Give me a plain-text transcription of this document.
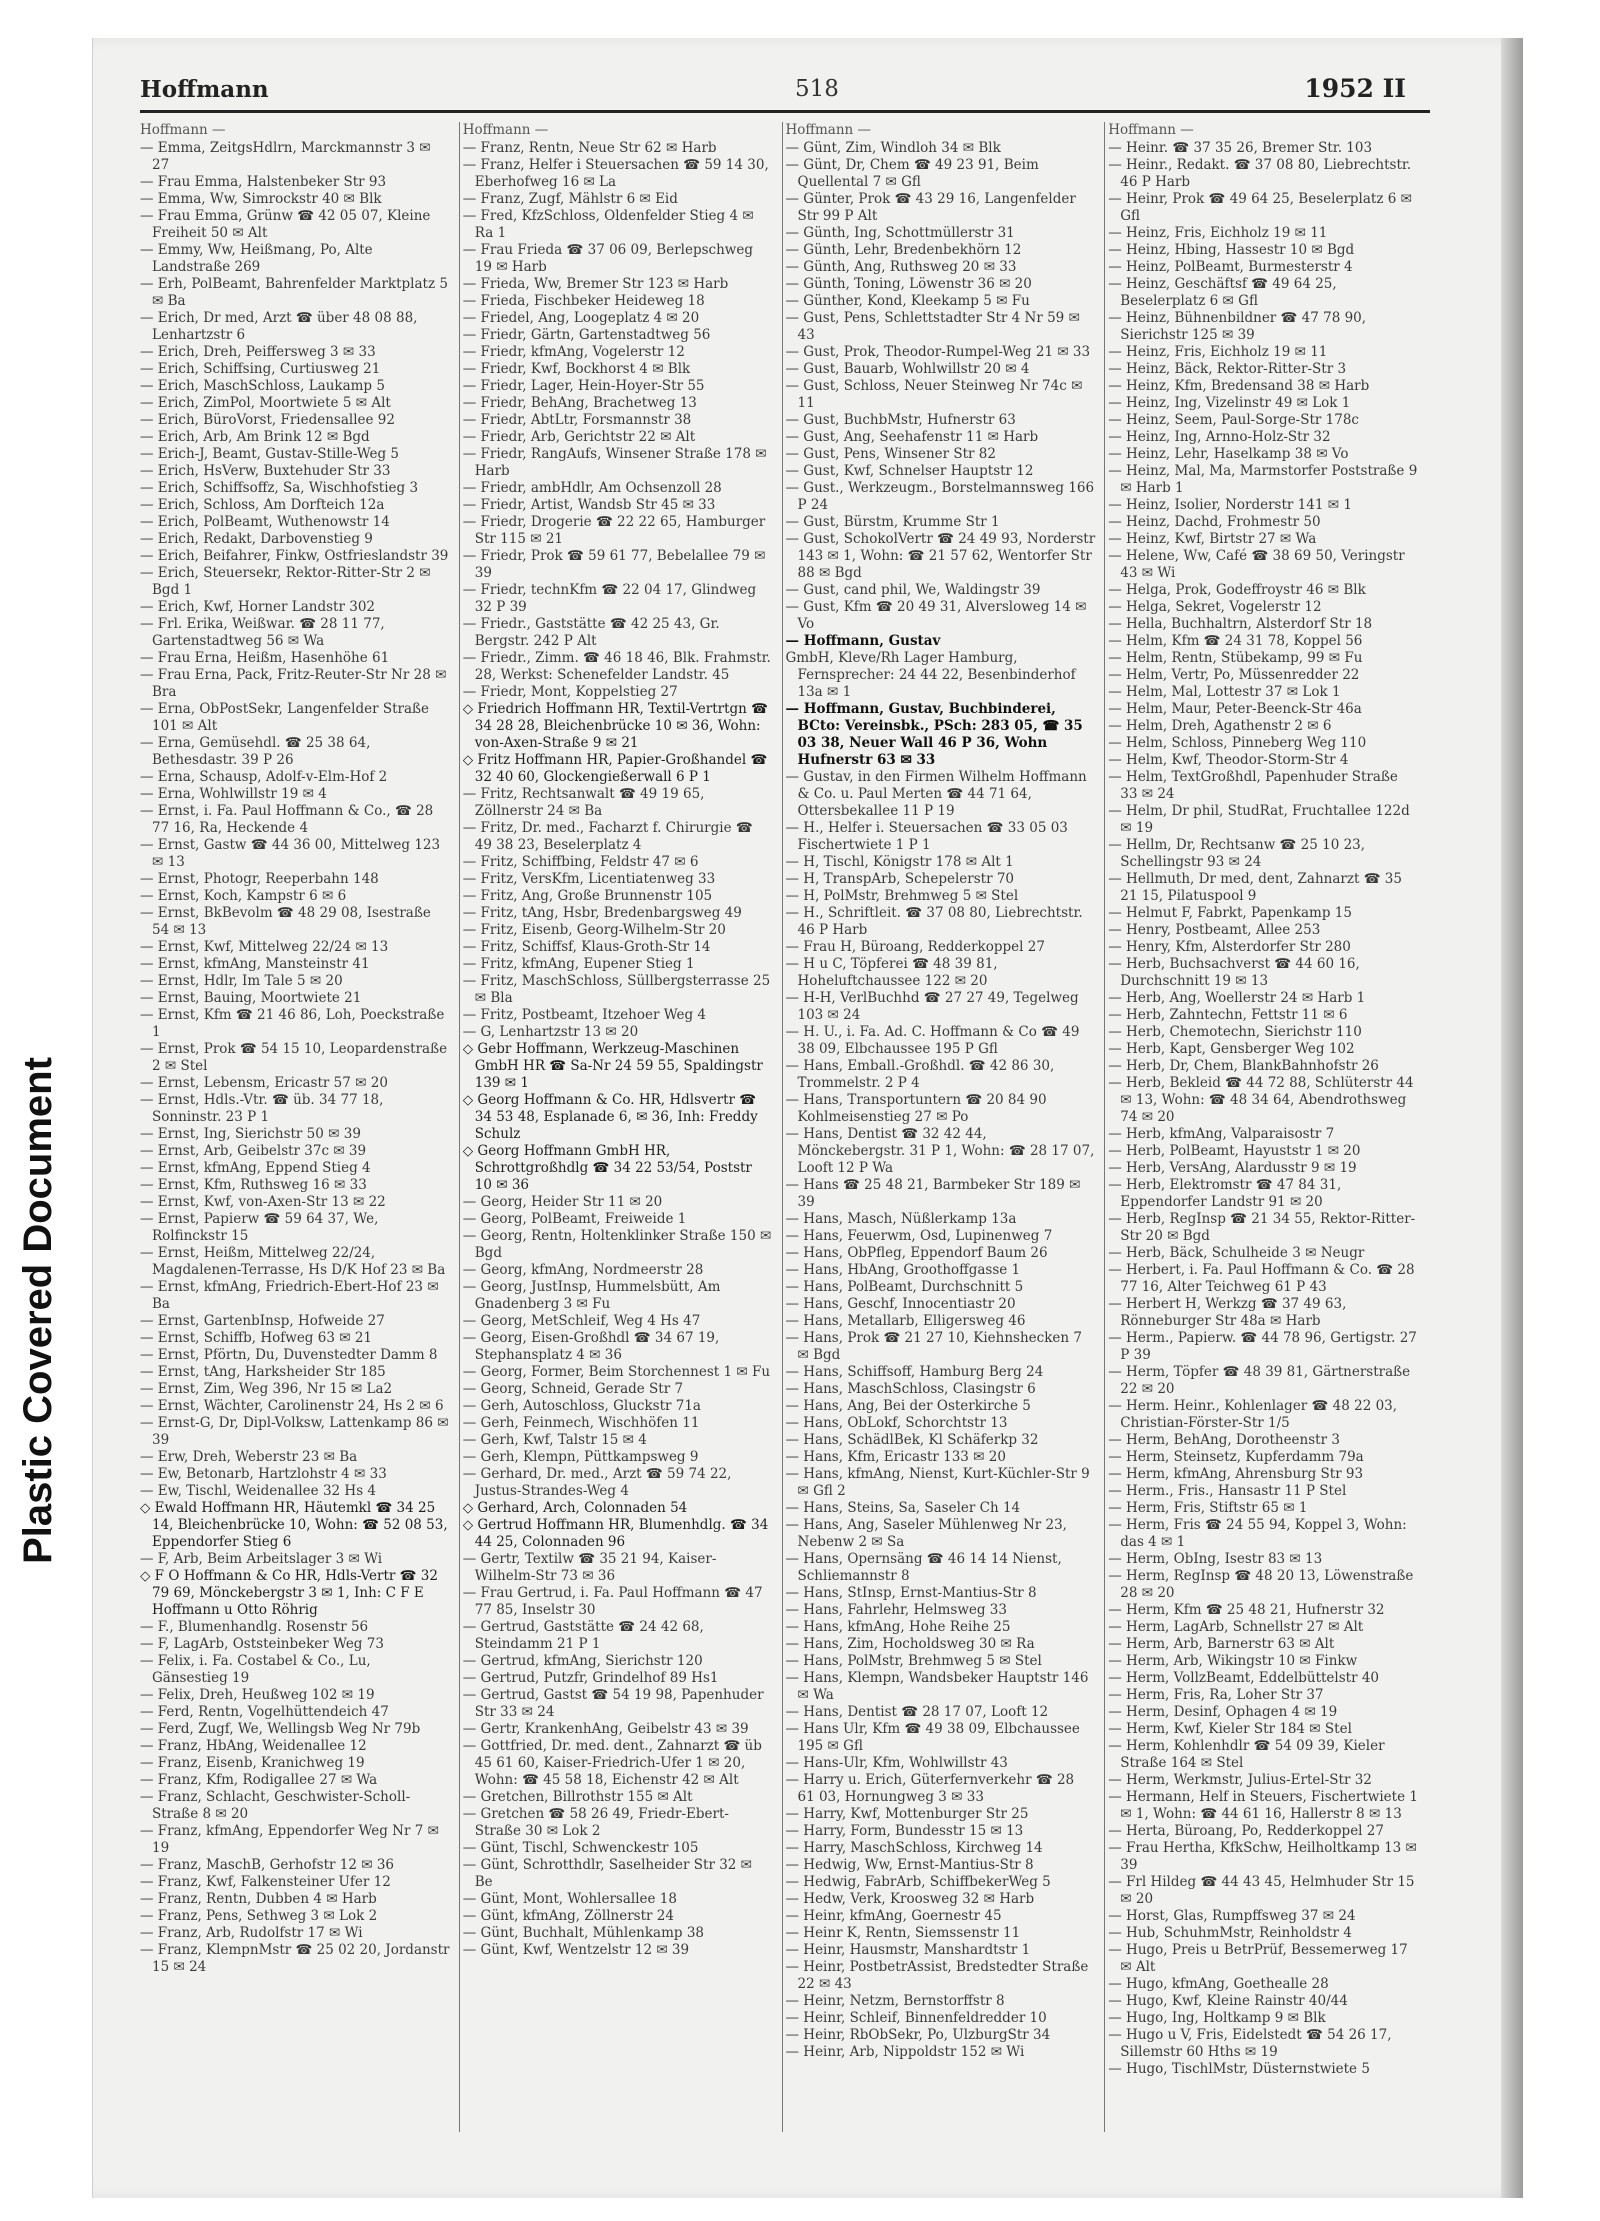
Plastic Covered Document
Hoffmann	518	1952 II
Hoffmann —
— Emma, ZeitgsHdlrn, Marckmannstr 3 ✉ 27
— Frau Emma, Halstenbeker Str 93
— Emma, Ww, Simrockstr 40 ✉ Blk
— Frau Emma, Grünw ☎ 42 05 07, Kleine Freiheit 50 ✉ Alt
— Emmy, Ww, Heißmang, Po, Alte Landstraße 269
— Erh, PolBeamt, Bahrenfelder Marktplatz 5 ✉ Ba
— Erich, Dr med, Arzt ☎ über 48 08 88, Lenhartzstr 6
— Erich, Dreh, Peiffersweg 3 ✉ 33
— Erich, Schiffsing, Curtiusweg 21
— Erich, MaschSchloss, Laukamp 5
— Erich, ZimPol, Moortwiete 5 ✉ Alt
— Erich, BüroVorst, Friedensallee 92
— Erich, Arb, Am Brink 12 ✉ Bgd
— Erich-J, Beamt, Gustav-Stille-Weg 5
— Erich, HsVerw, Buxtehuder Str 33
— Erich, Schiffsoffz, Sa, Wischhofstieg 3
— Erich, Schloss, Am Dorfteich 12a
— Erich, PolBeamt, Wuthenowstr 14
— Erich, Redakt, Darbovenstieg 9
— Erich, Beifahrer, Finkw, Ostfrieslandstr 39
— Erich, Steuersekr, Rektor-Ritter-Str 2 ✉ Bgd 1
— Erich, Kwf, Horner Landstr 302
— Frl. Erika, Weißwar. ☎ 28 11 77, Gartenstadtweg 56 ✉ Wa
— Frau Erna, Heißm, Hasenhöhe 61
— Frau Erna, Pack, Fritz-Reuter-Str Nr 28 ✉ Bra
— Erna, ObPostSekr, Langenfelder Straße 101 ✉ Alt
— Erna, Gemüsehdl. ☎ 25 38 64, Bethesdastr. 39 P 26
— Erna, Schausp, Adolf-v-Elm-Hof 2
— Erna, Wohlwillstr 19 ✉ 4
— Ernst, i. Fa. Paul Hoffmann & Co., ☎ 28 77 16, Ra, Heckende 4
— Ernst, Gastw ☎ 44 36 00, Mittelweg 123 ✉ 13
— Ernst, Photogr, Reeperbahn 148
— Ernst, Koch, Kampstr 6 ✉ 6
— Ernst, BkBevolm ☎ 48 29 08, Isestraße 54 ✉ 13
— Ernst, Kwf, Mittelweg 22/24 ✉ 13
— Ernst, kfmAng, Mansteinstr 41
— Ernst, Hdlr, Im Tale 5 ✉ 20
— Ernst, Bauing, Moortwiete 21
— Ernst, Kfm ☎ 21 46 86, Loh, Poeckstraße 1
— Ernst, Prok ☎ 54 15 10, Leopardenstraße 2 ✉ Stel
— Ernst, Lebensm, Ericastr 57 ✉ 20
— Ernst, Hdls.-Vtr. ☎ üb. 34 77 18, Sonninstr. 23 P 1
— Ernst, Ing, Sierichstr 50 ✉ 39
— Ernst, Arb, Geibelstr 37c ✉ 39
— Ernst, kfmAng, Eppend Stieg 4
— Ernst, Kfm, Ruthsweg 16 ✉ 33
— Ernst, Kwf, von-Axen-Str 13 ✉ 22
— Ernst, Papierw ☎ 59 64 37, We, Rolfinckstr 15
— Ernst, Heißm, Mittelweg 22/24, Magdalenen-Terrasse, Hs D/K Hof 23 ✉ Ba
— Ernst, kfmAng, Friedrich-Ebert-Hof 23 ✉ Ba
— Ernst, GartenbInsp, Hofweide 27
— Ernst, Schiffb, Hofweg 63 ✉ 21
— Ernst, Pförtn, Du, Duvenstedter Damm 8
— Ernst, tAng, Harksheider Str 185
— Ernst, Zim, Weg 396, Nr 15 ✉ La2
— Ernst, Wächter, Carolinenstr 24, Hs 2 ✉ 6
— Ernst-G, Dr, Dipl-Volksw, Lattenkamp 86 ✉ 39
— Erw, Dreh, Weberstr 23 ✉ Ba
— Ew, Betonarb, Hartzlohstr 4 ✉ 33
— Ew, Tischl, Weidenallee 32 Hs 4
◇ Ewald Hoffmann HR, Häutemkl ☎ 34 25 14, Bleichenbrücke 10, Wohn: ☎ 52 08 53, Eppendorfer Stieg 6
— F, Arb, Beim Arbeitslager 3 ✉ Wi
◇ F O Hoffmann & Co HR, Hdls-Vertr ☎ 32 79 69, Mönckebergstr 3 ✉ 1, Inh: C F E Hoffmann u Otto Röhrig
— F., Blumenhandlg. Rosenstr 56
— F, LagArb, Oststeinbeker Weg 73
— Felix, i. Fa. Costabel & Co., Lu, Gänsestieg 19
— Felix, Dreh, Heußweg 102 ✉ 19
— Ferd, Rentn, Vogelhüttendeich 47
— Ferd, Zugf, We, Wellingsb Weg Nr 79b
— Franz, HbAng, Weidenallee 12
— Franz, Eisenb, Kranichweg 19
— Franz, Kfm, Rodigallee 27 ✉ Wa
— Franz, Schlacht, Geschwister-Scholl-Straße 8 ✉ 20
— Franz, kfmAng, Eppendorfer Weg Nr 7 ✉ 19
— Franz, MaschB, Gerhofstr 12 ✉ 36
— Franz, Kwf, Falkensteiner Ufer 12
— Franz, Rentn, Dubben 4 ✉ Harb
— Franz, Pens, Sethweg 3 ✉ Lok 2
— Franz, Arb, Rudolfstr 17 ✉ Wi
— Franz, KlempnMstr ☎ 25 02 20, Jordanstr 15 ✉ 24
Hoffmann —
— Franz, Rentn, Neue Str 62 ✉ Harb
— Franz, Helfer i Steuersachen ☎ 59 14 30, Eberhofweg 16 ✉ La
— Franz, Zugf, Mählstr 6 ✉ Eid
— Fred, KfzSchloss, Oldenfelder Stieg 4 ✉ Ra 1
— Frau Frieda ☎ 37 06 09, Berlepschweg 19 ✉ Harb
— Frieda, Ww, Bremer Str 123 ✉ Harb
— Frieda, Fischbeker Heideweg 18
— Friedel, Ang, Loogeplatz 4 ✉ 20
— Friedr, Gärtn, Gartenstadtweg 56
— Friedr, kfmAng, Vogelerstr 12
— Friedr, Kwf, Bockhorst 4 ✉ Blk
— Friedr, Lager, Hein-Hoyer-Str 55
— Friedr, BehAng, Brachetweg 13
— Friedr, AbtLtr, Forsmannstr 38
— Friedr, Arb, Gerichtstr 22 ✉ Alt
— Friedr, RangAufs, Winsener Straße 178 ✉ Harb
— Friedr, ambHdlr, Am Ochsenzoll 28
— Friedr, Artist, Wandsb Str 45 ✉ 33
— Friedr, Drogerie ☎ 22 22 65, Hamburger Str 115 ✉ 21
— Friedr, Prok ☎ 59 61 77, Bebelallee 79 ✉ 39
— Friedr, technKfm ☎ 22 04 17, Glindweg 32 P 39
— Friedr., Gaststätte ☎ 42 25 43, Gr. Bergstr. 242 P Alt
— Friedr., Zimm. ☎ 46 18 46, Blk. Frahmstr. 28, Werkst: Schenefelder Landstr. 45
— Friedr, Mont, Koppelstieg 27
◇ Friedrich Hoffmann HR, Textil-Vertrtgn ☎ 34 28 28, Bleichenbrücke 10 ✉ 36, Wohn: von-Axen-Straße 9 ✉ 21
◇ Fritz Hoffmann HR, Papier-Großhandel ☎ 32 40 60, Glockengießerwall 6 P 1
— Fritz, Rechtsanwalt ☎ 49 19 65, Zöllnerstr 24 ✉ Ba
— Fritz, Dr. med., Facharzt f. Chirurgie ☎ 49 38 23, Beselerplatz 4
— Fritz, Schiffbing, Feldstr 47 ✉ 6
— Fritz, VersKfm, Licentiatenweg 33
— Fritz, Ang, Große Brunnenstr 105
— Fritz, tAng, Hsbr, Bredenbargsweg 49
— Fritz, Eisenb, Georg-Wilhelm-Str 20
— Fritz, Schiffsf, Klaus-Groth-Str 14
— Fritz, kfmAng, Eupener Stieg 1
— Fritz, MaschSchloss, Süllbergsterrasse 25 ✉ Bla
— Fritz, Postbeamt, Itzehoer Weg 4
— G, Lenhartzstr 13 ✉ 20
◇ Gebr Hoffmann, Werkzeug-Maschinen GmbH HR ☎ Sa-Nr 24 59 55, Spaldingstr 139 ✉ 1
◇ Georg Hoffmann & Co. HR, Hdlsvertr ☎ 34 53 48, Esplanade 6, ✉ 36, Inh: Freddy Schulz
◇ Georg Hoffmann GmbH HR, Schrottgroßhdlg ☎ 34 22 53/54, Poststr 10 ✉ 36
— Georg, Heider Str 11 ✉ 20
— Georg, PolBeamt, Freiweide 1
— Georg, Rentn, Holtenklinker Straße 150 ✉ Bgd
— Georg, kfmAng, Nordmeerstr 28
— Georg, JustInsp, Hummelsbütt, Am Gnadenberg 3 ✉ Fu
— Georg, MetSchleif, Weg 4 Hs 47
— Georg, Eisen-Großhdl ☎ 34 67 19, Stephansplatz 4 ✉ 36
— Georg, Former, Beim Storchennest 1 ✉ Fu
— Georg, Schneid, Gerade Str 7
— Gerh, Autoschloss, Gluckstr 71a
— Gerh, Feinmech, Wischhöfen 11
— Gerh, Kwf, Talstr 15 ✉ 4
— Gerh, Klempn, Püttkampsweg 9
— Gerhard, Dr. med., Arzt ☎ 59 74 22, Justus-Strandes-Weg 4
◇ Gerhard, Arch, Colonnaden 54
◇ Gertrud Hoffmann HR, Blumenhdlg. ☎ 34 44 25, Colonnaden 96
— Gertr, Textilw ☎ 35 21 94, Kaiser-Wilhelm-Str 73 ✉ 36
— Frau Gertrud, i. Fa. Paul Hoffmann ☎ 47 77 85, Inselstr 30
— Gertrud, Gaststätte ☎ 24 42 68, Steindamm 21 P 1
— Gertrud, kfmAng, Sierichstr 120
— Gertrud, Putzfr, Grindelhof 89 Hs1
— Gertrud, Gastst ☎ 54 19 98, Papenhuder Str 33 ✉ 24
— Gertr, KrankenhAng, Geibelstr 43 ✉ 39
— Gottfried, Dr. med. dent., Zahnarzt ☎ üb 45 61 60, Kaiser-Friedrich-Ufer 1 ✉ 20, Wohn: ☎ 45 58 18, Eichenstr 42 ✉ Alt
— Gretchen, Billrothstr 155 ✉ Alt
— Gretchen ☎ 58 26 49, Friedr-Ebert-Straße 30 ✉ Lok 2
— Günt, Tischl, Schwenckestr 105
— Günt, Schrotthdlr, Saselheider Str 32 ✉ Be
— Günt, Mont, Wohlersallee 18
— Günt, kfmAng, Zöllnerstr 24
— Günt, Buchhalt, Mühlenkamp 38
— Günt, Kwf, Wentzelstr 12 ✉ 39
Hoffmann —
— Günt, Zim, Windloh 34 ✉ Blk
— Günt, Dr, Chem ☎ 49 23 91, Beim Quellental 7 ✉ Gfl
— Günter, Prok ☎ 43 29 16, Langenfelder Str 99 P Alt
— Günth, Ing, Schottmüllerstr 31
— Günth, Lehr, Bredenbekhörn 12
— Günth, Ang, Ruthsweg 20 ✉ 33
— Günth, Toning, Löwenstr 36 ✉ 20
— Günther, Kond, Kleekamp 5 ✉ Fu
— Gust, Pens, Schlettstadter Str 4 Nr 59 ✉ 43
— Gust, Prok, Theodor-Rumpel-Weg 21 ✉ 33
— Gust, Bauarb, Wohlwillstr 20 ✉ 4
— Gust, Schloss, Neuer Steinweg Nr 74c ✉ 11
— Gust, BuchbMstr, Hufnerstr 63
— Gust, Ang, Seehafenstr 11 ✉ Harb
— Gust, Pens, Winsener Str 82
— Gust, Kwf, Schnelser Hauptstr 12
— Gust., Werkzeugm., Borstelmannsweg 166 P 24
— Gust, Bürstm, Krumme Str 1
— Gust, SchokolVertr ☎ 24 49 93, Norderstr 143 ✉ 1, Wohn: ☎ 21 57 62, Wentorfer Str 88 ✉ Bgd
— Gust, cand phil, We, Waldingstr 39
— Gust, Kfm ☎ 20 49 31, Alversloweg 14 ✉ Vo
— Hoffmann, Gustav
GmbH, Kleve/Rh Lager Hamburg, Fernsprecher: 24 44 22, Besenbinderhof 13a ✉ 1
— Hoffmann, Gustav, Buchbinderei, BCto: Vereinsbk., PSch: 283 05, ☎ 35 03 38, Neuer Wall 46 P 36, Wohn Hufnerstr 63 ✉ 33
— Gustav, in den Firmen Wilhelm Hoffmann & Co. u. Paul Merten ☎ 44 71 64, Ottersbekallee 11 P 19
— H., Helfer i. Steuersachen ☎ 33 05 03 Fischertwiete 1 P 1
— H, Tischl, Königstr 178 ✉ Alt 1
— H, TranspArb, Schepelerstr 70
— H, PolMstr, Brehmweg 5 ✉ Stel
— H., Schriftleit. ☎ 37 08 80, Liebrechtstr. 46 P Harb
— Frau H, Büroang, Redderkoppel 27
— H u C, Töpferei ☎ 48 39 81, Hoheluftchaussee 122 ✉ 20
— H-H, VerlBuchhd ☎ 27 27 49, Tegelweg 103 ✉ 24
— H. U., i. Fa. Ad. C. Hoffmann & Co ☎ 49 38 09, Elbchaussee 195 P Gfl
— Hans, Emball.-Großhdl. ☎ 42 86 30, Trommelstr. 2 P 4
— Hans, Transportuntern ☎ 20 84 90 Kohlmeisenstieg 27 ✉ Po
— Hans, Dentist ☎ 32 42 44, Mönckebergstr. 31 P 1, Wohn: ☎ 28 17 07, Looft 12 P Wa
— Hans ☎ 25 48 21, Barmbeker Str 189 ✉ 39
— Hans, Masch, Nüßlerkamp 13a
— Hans, Feuerwm, Osd, Lupinenweg 7
— Hans, ObPfleg, Eppendorf Baum 26
— Hans, HbAng, Groothoffgasse 1
— Hans, PolBeamt, Durchschnitt 5
— Hans, Geschf, Innocentiastr 20
— Hans, Metallarb, Elligersweg 46
— Hans, Prok ☎ 21 27 10, Kiehnshecken 7 ✉ Bgd
— Hans, Schiffsoff, Hamburg Berg 24
— Hans, MaschSchloss, Clasingstr 6
— Hans, Ang, Bei der Osterkirche 5
— Hans, ObLokf, Schorchtstr 13
— Hans, SchädlBek, Kl Schäferkp 32
— Hans, Kfm, Ericastr 133 ✉ 20
— Hans, kfmAng, Nienst, Kurt-Küchler-Str 9 ✉ Gfl 2
— Hans, Steins, Sa, Saseler Ch 14
— Hans, Ang, Saseler Mühlenweg Nr 23, Nebenw 2 ✉ Sa
— Hans, Opernsäng ☎ 46 14 14 Nienst, Schliemannstr 8
— Hans, StInsp, Ernst-Mantius-Str 8
— Hans, Fahrlehr, Helmsweg 33
— Hans, kfmAng, Hohe Reihe 25
— Hans, Zim, Hocholdsweg 30 ✉ Ra
— Hans, PolMstr, Brehmweg 5 ✉ Stel
— Hans, Klempn, Wandsbeker Hauptstr 146 ✉ Wa
— Hans, Dentist ☎ 28 17 07, Looft 12
— Hans Ulr, Kfm ☎ 49 38 09, Elbchaussee 195 ✉ Gfl
— Hans-Ulr, Kfm, Wohlwillstr 43
— Harry u. Erich, Güterfernverkehr ☎ 28 61 03, Hornungweg 3 ✉ 33
— Harry, Kwf, Mottenburger Str 25
— Harry, Form, Bundesstr 15 ✉ 13
— Harry, MaschSchloss, Kirchweg 14
— Hedwig, Ww, Ernst-Mantius-Str 8
— Hedwig, FabrArb, SchiffbekerWeg 5
— Hedw, Verk, Kroosweg 32 ✉ Harb
— Heinr, kfmAng, Goernestr 45
— Heinr K, Rentn, Siemssenstr 11
— Heinr, Hausmstr, Manshardtstr 1
— Heinr, PostbetrAssist, Bredstedter Straße 22 ✉ 43
— Heinr, Netzm, Bernstorffstr 8
— Heinr, Schleif, Binnenfeldredder 10
— Heinr, RbObSekr, Po, UlzburgStr 34
— Heinr, Arb, Nippoldstr 152 ✉ Wi
Hoffmann —
— Heinr. ☎ 37 35 26, Bremer Str. 103
— Heinr., Redakt. ☎ 37 08 80, Liebrechtstr. 46 P Harb
— Heinr, Prok ☎ 49 64 25, Beselerplatz 6 ✉ Gfl
— Heinz, Fris, Eichholz 19 ✉ 11
— Heinz, Hbing, Hassestr 10 ✉ Bgd
— Heinz, PolBeamt, Burmesterstr 4
— Heinz, Geschäftsf ☎ 49 64 25, Beselerplatz 6 ✉ Gfl
— Heinz, Bühnenbildner ☎ 47 78 90, Sierichstr 125 ✉ 39
— Heinz, Fris, Eichholz 19 ✉ 11
— Heinz, Bäck, Rektor-Ritter-Str 3
— Heinz, Kfm, Bredensand 38 ✉ Harb
— Heinz, Ing, Vizelinstr 49 ✉ Lok 1
— Heinz, Seem, Paul-Sorge-Str 178c
— Heinz, Ing, Arnno-Holz-Str 32
— Heinz, Lehr, Haselkamp 38 ✉ Vo
— Heinz, Mal, Ma, Marmstorfer Poststraße 9 ✉ Harb 1
— Heinz, Isolier, Norderstr 141 ✉ 1
— Heinz, Dachd, Frohmestr 50
— Heinz, Kwf, Birtstr 27 ✉ Wa
— Helene, Ww, Café ☎ 38 69 50, Veringstr 43 ✉ Wi
— Helga, Prok, Godeffroystr 46 ✉ Blk
— Helga, Sekret, Vogelerstr 12
— Hella, Buchhaltrn, Alsterdorf Str 18
— Helm, Kfm ☎ 24 31 78, Koppel 56
— Helm, Rentn, Stübekamp, 99 ✉ Fu
— Helm, Vertr, Po, Müssenredder 22
— Helm, Mal, Lottestr 37 ✉ Lok 1
— Helm, Maur, Peter-Beenck-Str 46a
— Helm, Dreh, Agathenstr 2 ✉ 6
— Helm, Schloss, Pinneberg Weg 110
— Helm, Kwf, Theodor-Storm-Str 4
— Helm, TextGroßhdl, Papenhuder Straße 33 ✉ 24
— Helm, Dr phil, StudRat, Fruchtallee 122d ✉ 19
— Hellm, Dr, Rechtsanw ☎ 25 10 23, Schellingstr 93 ✉ 24
— Hellmuth, Dr med, dent, Zahnarzt ☎ 35 21 15, Pilatuspool 9
— Helmut F, Fabrkt, Papenkamp 15
— Henry, Postbeamt, Allee 253
— Henry, Kfm, Alsterdorfer Str 280
— Herb, Buchsachverst ☎ 44 60 16, Durchschnitt 19 ✉ 13
— Herb, Ang, Woellerstr 24 ✉ Harb 1
— Herb, Zahntechn, Fettstr 11 ✉ 6
— Herb, Chemotechn, Sierichstr 110
— Herb, Kapt, Gensberger Weg 102
— Herb, Dr, Chem, BlankBahnhofstr 26
— Herb, Bekleid ☎ 44 72 88, Schlüterstr 44 ✉ 13, Wohn: ☎ 48 34 64, Abendrothsweg 74 ✉ 20
— Herb, kfmAng, Valparaisostr 7
— Herb, PolBeamt, Hayuststr 1 ✉ 20
— Herb, VersAng, Alardusstr 9 ✉ 19
— Herb, Elektromstr ☎ 47 84 31, Eppendorfer Landstr 91 ✉ 20
— Herb, RegInsp ☎ 21 34 55, Rektor-Ritter-Str 20 ✉ Bgd
— Herb, Bäck, Schulheide 3 ✉ Neugr
— Herbert, i. Fa. Paul Hoffmann & Co. ☎ 28 77 16, Alter Teichweg 61 P 43
— Herbert H, Werkzg ☎ 37 49 63, Rönneburger Str 48a ✉ Harb
— Herm., Papierw. ☎ 44 78 96, Gertigstr. 27 P 39
— Herm, Töpfer ☎ 48 39 81, Gärtnerstraße 22 ✉ 20
— Herm. Heinr., Kohlenlager ☎ 48 22 03, Christian-Förster-Str 1/5
— Herm, BehAng, Dorotheenstr 3
— Herm, Steinsetz, Kupferdamm 79a
— Herm, kfmAng, Ahrensburg Str 93
— Herm., Fris., Hansastr 11 P Stel
— Herm, Fris, Stiftstr 65 ✉ 1
— Herm, Fris ☎ 24 55 94, Koppel 3, Wohn: das 4 ✉ 1
— Herm, ObIng, Isestr 83 ✉ 13
— Herm, RegInsp ☎ 48 20 13, Löwenstraße 28 ✉ 20
— Herm, Kfm ☎ 25 48 21, Hufnerstr 32
— Herm, LagArb, Schnellstr 27 ✉ Alt
— Herm, Arb, Barnerstr 63 ✉ Alt
— Herm, Arb, Wikingstr 10 ✉ Finkw
— Herm, VollzBeamt, Eddelbüttelstr 40
— Herm, Fris, Ra, Loher Str 37
— Herm, Desinf, Ophagen 4 ✉ 19
— Herm, Kwf, Kieler Str 184 ✉ Stel
— Herm, Kohlenhdlr ☎ 54 09 39, Kieler Straße 164 ✉ Stel
— Herm, Werkmstr, Julius-Ertel-Str 32
— Hermann, Helf in Steuers, Fischertwiete 1 ✉ 1, Wohn: ☎ 44 61 16, Hallerstr 8 ✉ 13
— Herta, Büroang, Po, Redderkoppel 27
— Frau Hertha, KfkSchw, Heilholtkamp 13 ✉ 39
— Frl Hildeg ☎ 44 43 45, Helmhuder Str 15 ✉ 20
— Horst, Glas, Rumpffsweg 37 ✉ 24
— Hub, SchuhmMstr, Reinholdstr 4
— Hugo, Preis u BetrPrüf, Bessemerweg 17 ✉ Alt
— Hugo, kfmAng, Goethealle 28
— Hugo, Kwf, Kleine Rainstr 40/44
— Hugo, Ing, Holtkamp 9 ✉ Blk
— Hugo u V, Fris, Eidelstedt ☎ 54 26 17, Sillemstr 60 Hths ✉ 19
— Hugo, TischlMstr, Düsternstwiete 5
